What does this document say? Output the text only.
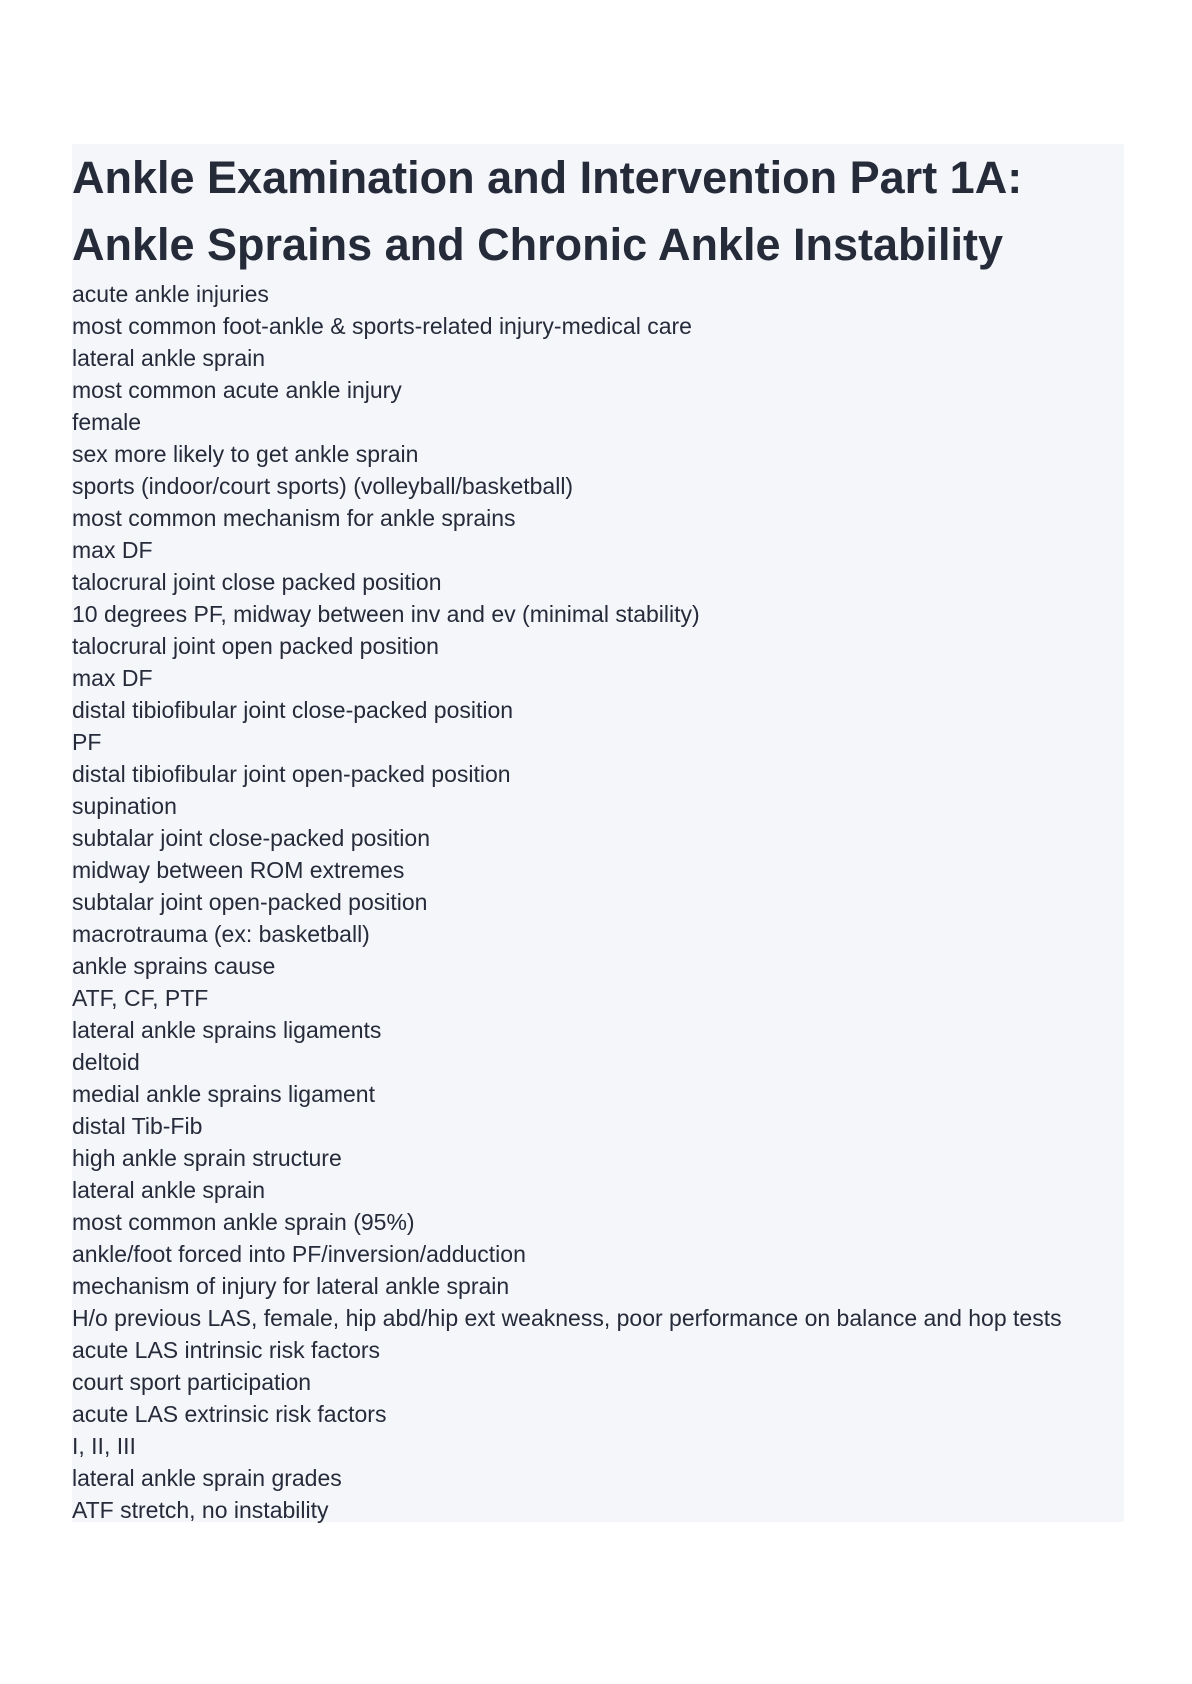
Ankle Examination and Intervention Part 1A:
Ankle Sprains and Chronic Ankle Instability
acute ankle injuries
most common foot-ankle & sports-related injury-medical care
lateral ankle sprain
most common acute ankle injury
female
sex more likely to get ankle sprain
sports (indoor/court sports) (volleyball/basketball)
most common mechanism for ankle sprains
max DF
talocrural joint close packed position
10 degrees PF, midway between inv and ev (minimal stability)
talocrural joint open packed position
max DF
distal tibiofibular joint close-packed position
PF
distal tibiofibular joint open-packed position
supination
subtalar joint close-packed position
midway between ROM extremes
subtalar joint open-packed position
macrotrauma (ex: basketball)
ankle sprains cause
ATF, CF, PTF
lateral ankle sprains ligaments
deltoid
medial ankle sprains ligament
distal Tib-Fib
high ankle sprain structure
lateral ankle sprain
most common ankle sprain (95%)
ankle/foot forced into PF/inversion/adduction
mechanism of injury for lateral ankle sprain
H/o previous LAS, female, hip abd/hip ext weakness, poor performance on balance and hop tests
acute LAS intrinsic risk factors
court sport participation
acute LAS extrinsic risk factors
I, II, III
lateral ankle sprain grades
ATF stretch, no instability
